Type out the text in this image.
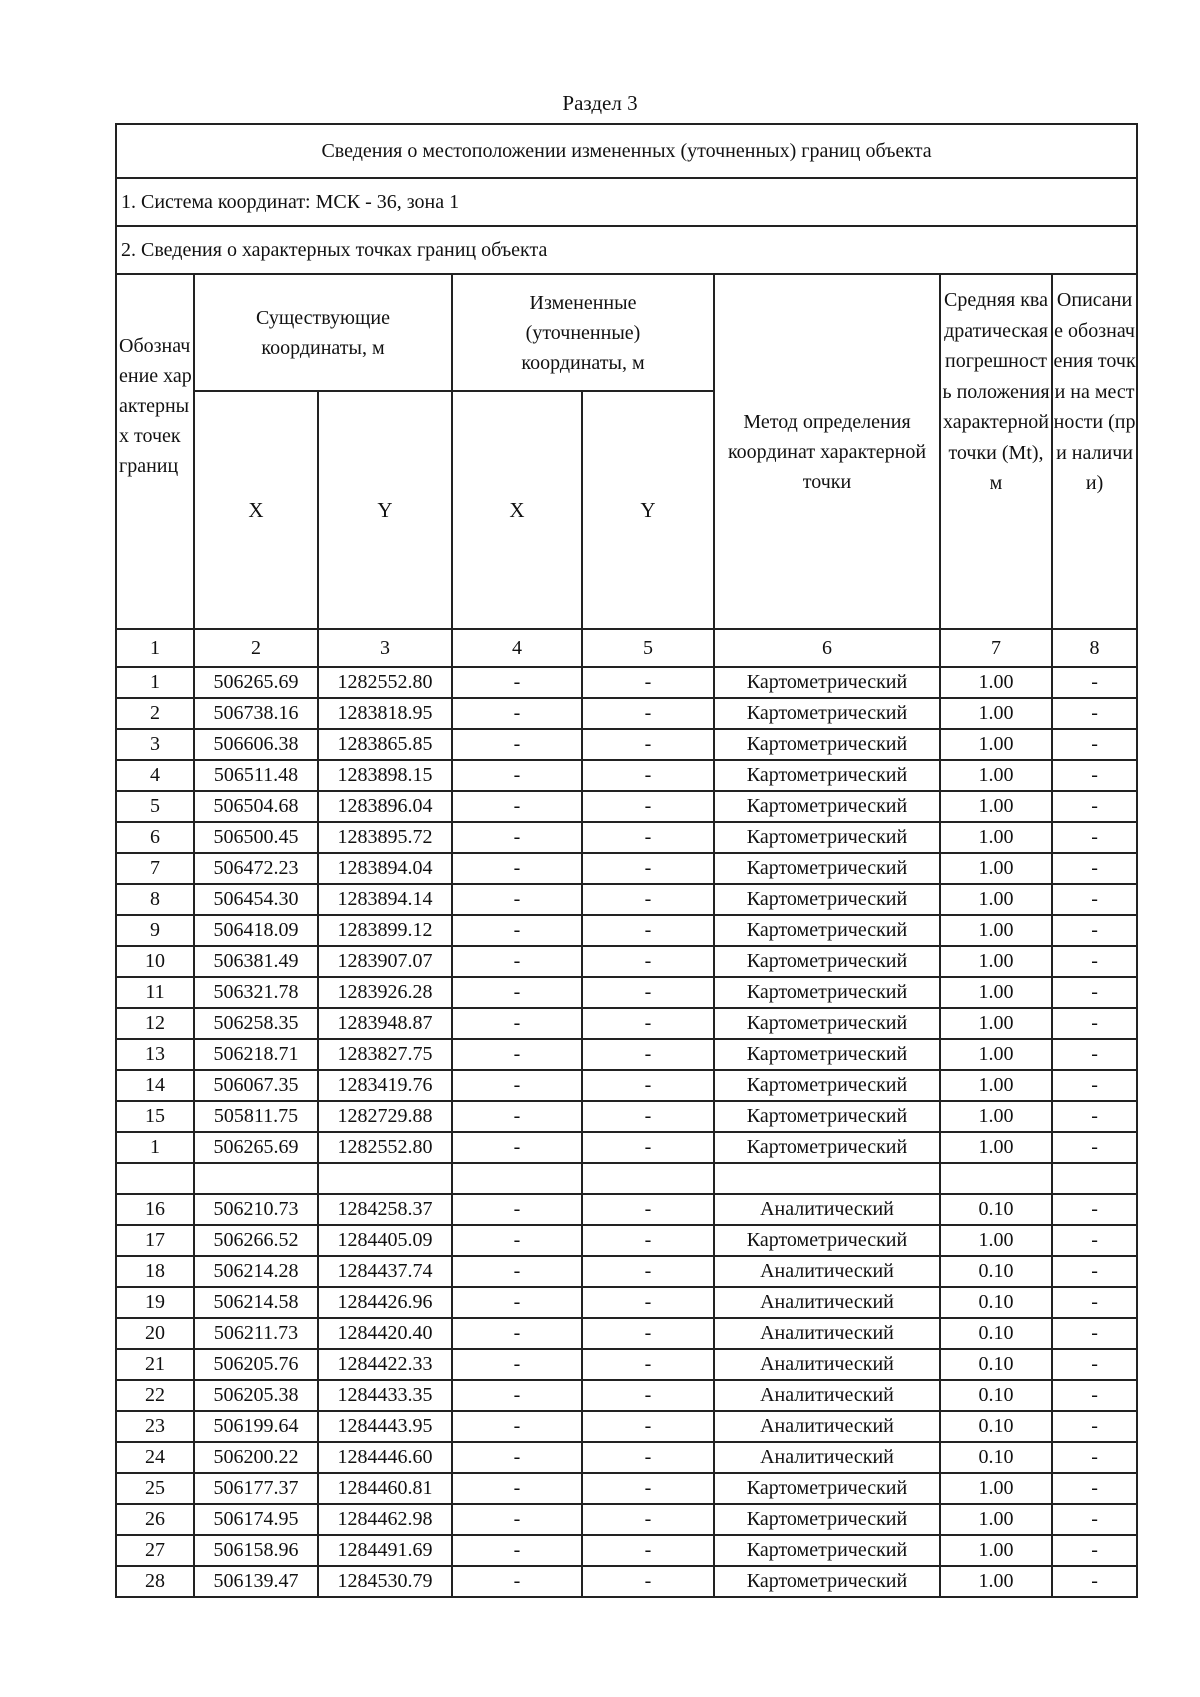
Раздел 3
Сведения о местоположении измененных (уточненных) границ объекта							
1. Система координат: МСК - 36, зона 1							
2. Сведения о характерных точках границ объекта							
Обозначение характерных точек границ	Существующие координаты, м		Измененные (уточненные) координаты, м		Метод определения координат характерной точки	Средняя квадратическая погрешность положения характерной точки (Mt), м	Описание обозначения точки на местности (при наличии)
	X	Y	X	Y			
1	2	3	4	5	6	7	8
1	506265.69	1282552.80	-	-	Картометрический	1.00	-
2	506738.16	1283818.95	-	-	Картометрический	1.00	-
3	506606.38	1283865.85	-	-	Картометрический	1.00	-
4	506511.48	1283898.15	-	-	Картометрический	1.00	-
5	506504.68	1283896.04	-	-	Картометрический	1.00	-
6	506500.45	1283895.72	-	-	Картометрический	1.00	-
7	506472.23	1283894.04	-	-	Картометрический	1.00	-
8	506454.30	1283894.14	-	-	Картометрический	1.00	-
9	506418.09	1283899.12	-	-	Картометрический	1.00	-
10	506381.49	1283907.07	-	-	Картометрический	1.00	-
11	506321.78	1283926.28	-	-	Картометрический	1.00	-
12	506258.35	1283948.87	-	-	Картометрический	1.00	-
13	506218.71	1283827.75	-	-	Картометрический	1.00	-
14	506067.35	1283419.76	-	-	Картометрический	1.00	-
15	505811.75	1282729.88	-	-	Картометрический	1.00	-
1	506265.69	1282552.80	-	-	Картометрический	1.00	-

16	506210.73	1284258.37	-	-	Аналитический	0.10	-
17	506266.52	1284405.09	-	-	Картометрический	1.00	-
18	506214.28	1284437.74	-	-	Аналитический	0.10	-
19	506214.58	1284426.96	-	-	Аналитический	0.10	-
20	506211.73	1284420.40	-	-	Аналитический	0.10	-
21	506205.76	1284422.33	-	-	Аналитический	0.10	-
22	506205.38	1284433.35	-	-	Аналитический	0.10	-
23	506199.64	1284443.95	-	-	Аналитический	0.10	-
24	506200.22	1284446.60	-	-	Аналитический	0.10	-
25	506177.37	1284460.81	-	-	Картометрический	1.00	-
26	506174.95	1284462.98	-	-	Картометрический	1.00	-
27	506158.96	1284491.69	-	-	Картометрический	1.00	-
28	506139.47	1284530.79	-	-	Картометрический	1.00	-
